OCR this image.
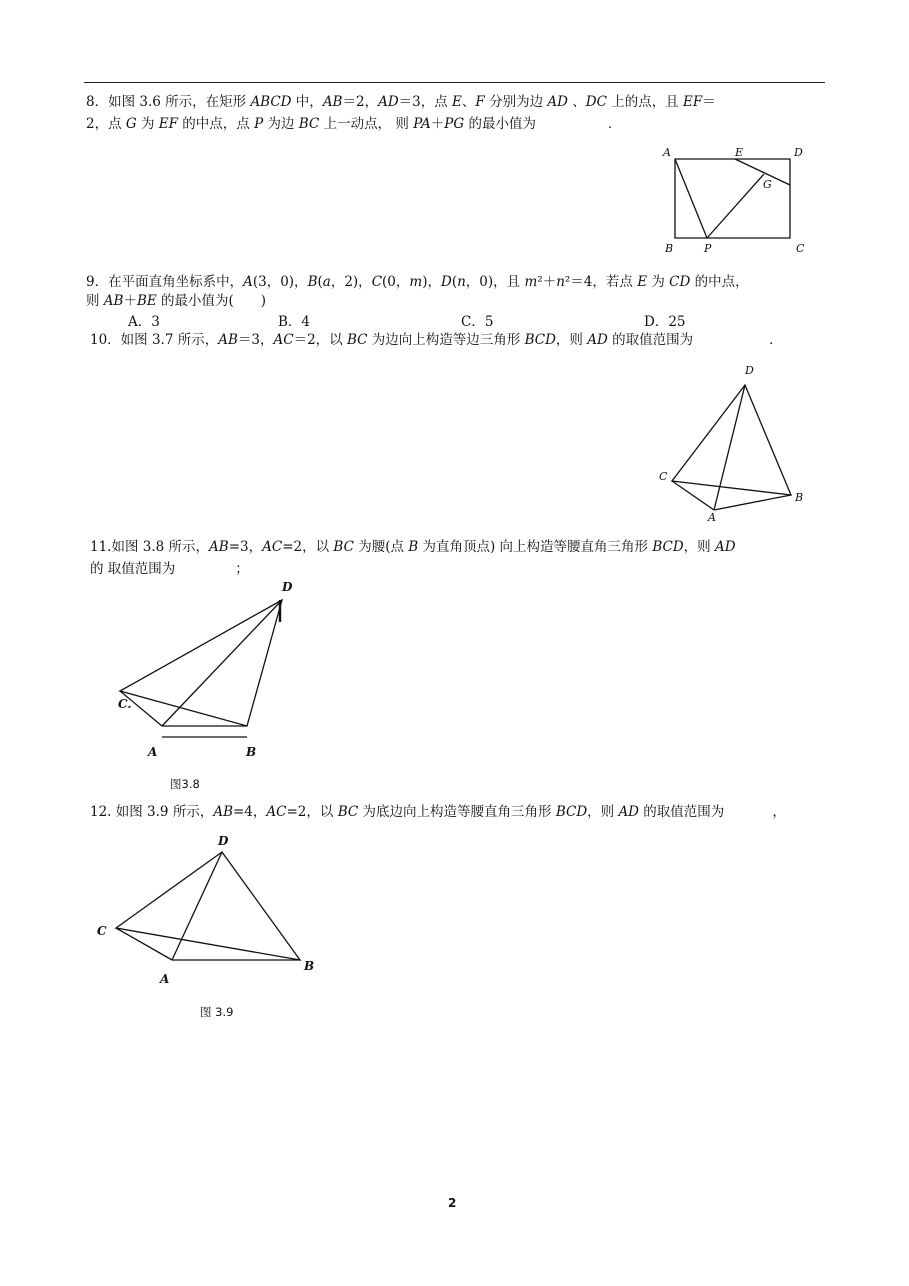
8．如图 3.6 所示，在矩形 ABCD 中，AB＝2，AD＝3，点 E、F 分别为边 AD 、DC 上的点，且 EF＝
2，点 G 为 EF 的中点，点 P 为边 BC 上一动点， 则 PA＋PG 的最小值为	．
A	E	D
G
B	P	C
9．在平面直角坐标系中，A(3，0)，B(a，2)，C(0，m)，D(n，0)，且 m²＋n²＝4，若点 E 为 CD 的中点，
则 AB＋BE 的最小值为(　　)
A．3	B．4	C．5	D．25
10．如图 3.7 所示，AB＝3，AC＝2，以 BC 为边向上构造等边三角形 BCD，则 AD 的取值范围为	．
D
C
B
A
11.如图 3.8 所示，AB=3，AC=2，以 BC 为腰(点 B 为直角顶点) 向上构造等腰直角三角形 BCD，则 AD
的 取值范围为	；
D
C.
A	B
图3.8
12. 如图 3.9 所示，AB=4，AC=2，以 BC 为底边向上构造等腰直角三角形 BCD，则 AD 的取值范围为	，
D
C
A
B
图 3.9
2
